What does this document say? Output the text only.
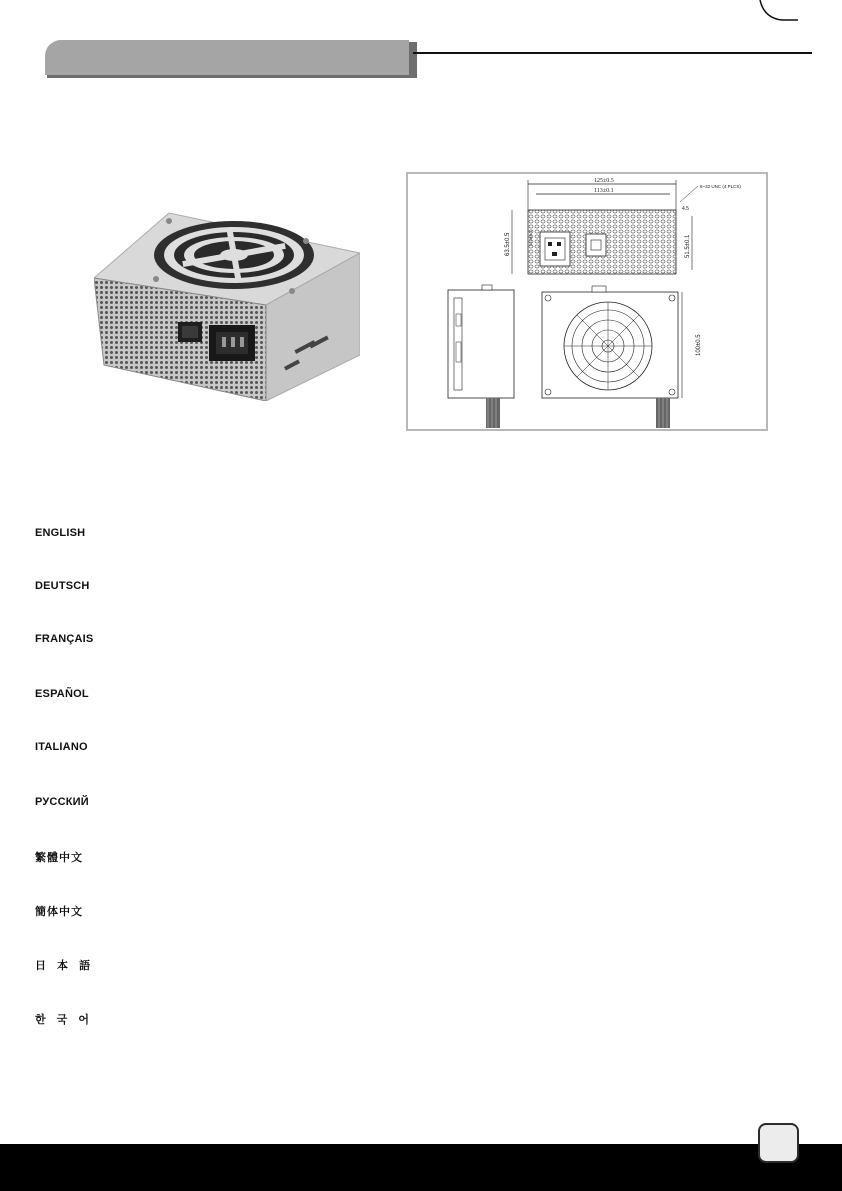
125±0.5
113±0.1
8~32 UNC (4 PLCS)
4.5
63.5±0.5	52.8±0.1	51.5±0.1
100±0.5
ENGLISH
DEUTSCH
FRANÇAIS
ESPAÑOL
ITALIANO
РУССКИЙ
繁體中文
簡体中文
日 本 語
한 국 어
